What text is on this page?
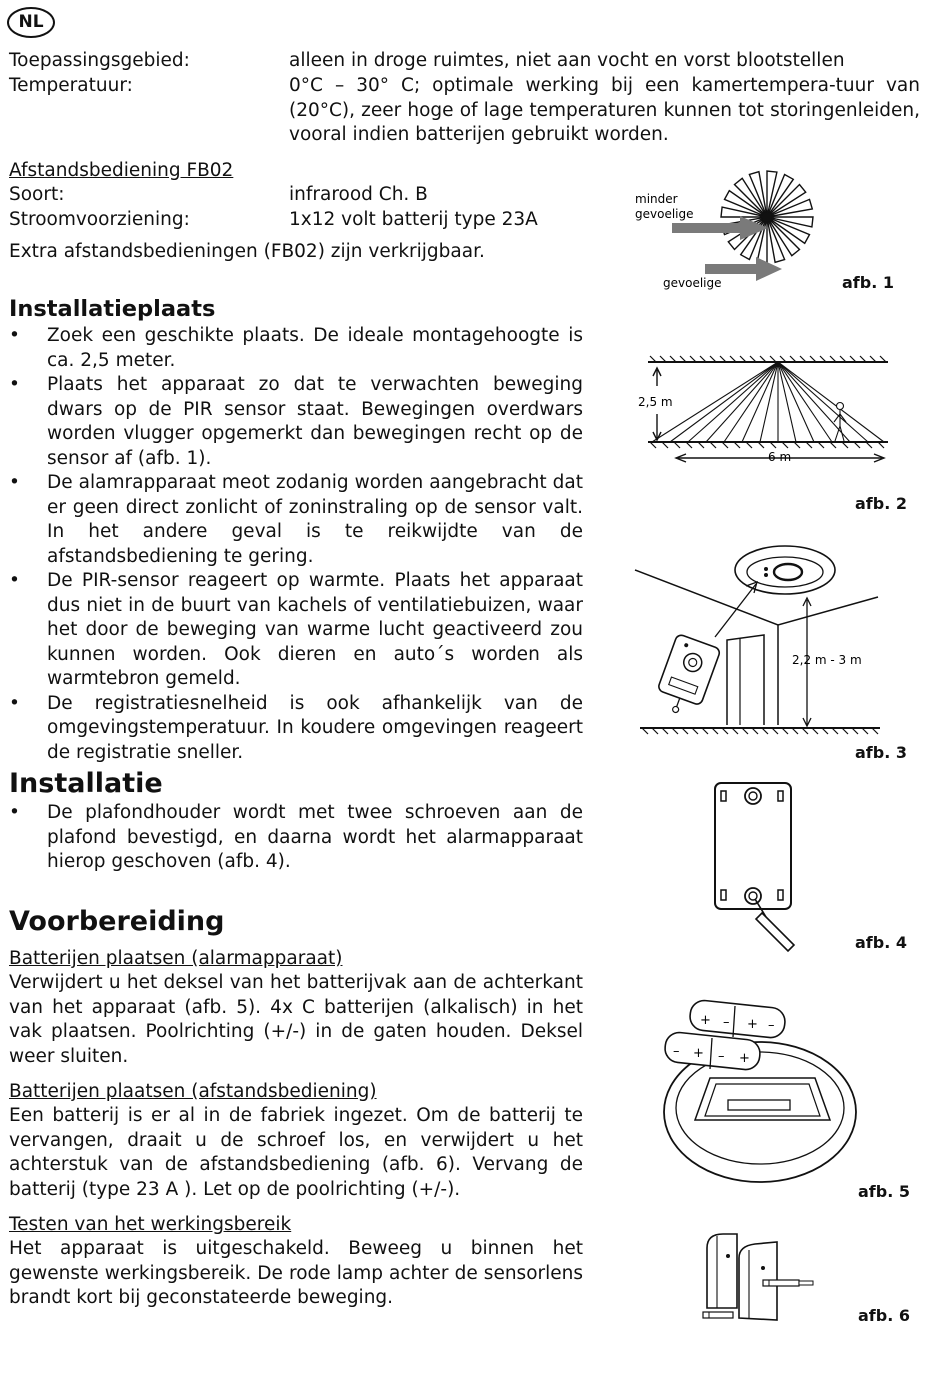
NL
Toepassingsgebied:	alleen in droge ruimtes, niet aan vocht en vorst blootstellen
Temperatuur:	0°C – 30° C; optimale werking bij een kamertempera-tuur van (20°C), zeer hoge of lage temperaturen kunnen tot storingenleiden, vooral indien batterijen gebruikt worden.
Afstandsbediening FB02
Soort:	infrarood Ch. B
Stroomvoorziening:	1x12 volt batterij type 23A
Extra afstandsbedieningen (FB02) zijn verkrijgbaar.
Installatieplaats
• Zoek een geschikte plaats. De ideale montagehoogte is ca. 2,5 meter.
• Plaats het apparaat zo dat te verwachten beweging dwars op de PIR sensor staat. Bewegingen overdwars worden vlugger opgemerkt dan bewegingen recht op de sensor af (afb. 1).
• De alamrapparaat meot zodanig worden aangebracht dat er geen direct zonlicht of zoninstraling op de sensor valt. In het andere geval is te reikwijdte van de afstandsbediening te gering.
• De PIR-sensor reageert op warmte. Plaats het apparaat dus niet in de buurt van kachels of ventilatiebuizen, waar het door de beweging van warme lucht geactiveerd zou kunnen worden. Ook dieren en auto´s worden als warmtebron gemeld.
• De registratiesnelheid is ook afhankelijk van de omgevingstemperatuur. In koudere omgevingen reageert de registratie sneller.
Installatie
• De plafondhouder wordt met twee schroeven aan de plafond bevestigd, en daarna wordt het alarmapparaat hierop geschoven (afb. 4).
Voorbereiding
Batterijen plaatsen (alarmapparaat)
Verwijdert u het deksel van het batterijvak aan de achterkant van het apparaat (afb. 5). 4x C batterijen (alkalisch) in het vak plaatsen. Poolrichting (+/-) in de gaten houden. Deksel weer sluiten.
Batterijen plaatsen (afstandsbediening)
Een batterij is er al in de fabriek ingezet. Om de batterij te vervangen, draait u de schroef los, en verwijdert u het achterstuk van de afstandsbediening (afb. 6). Vervang de batterij (type 23 A ). Let op de poolrichting (+/-).
Testen van het werkingsbereik
Het apparaat is uitgeschakeld. Beweeg u binnen het gewenste werkingsbereik. De rode lamp achter de sensorlens brandt kort bij geconstateerde beweging.
minder
gevoelige
gevoelige	afb. 1
2,5 m
6 m
afb. 2
2,2 m - 3 m
afb. 3
afb. 4
+ – + –
– + – +
afb. 5
afb. 6
